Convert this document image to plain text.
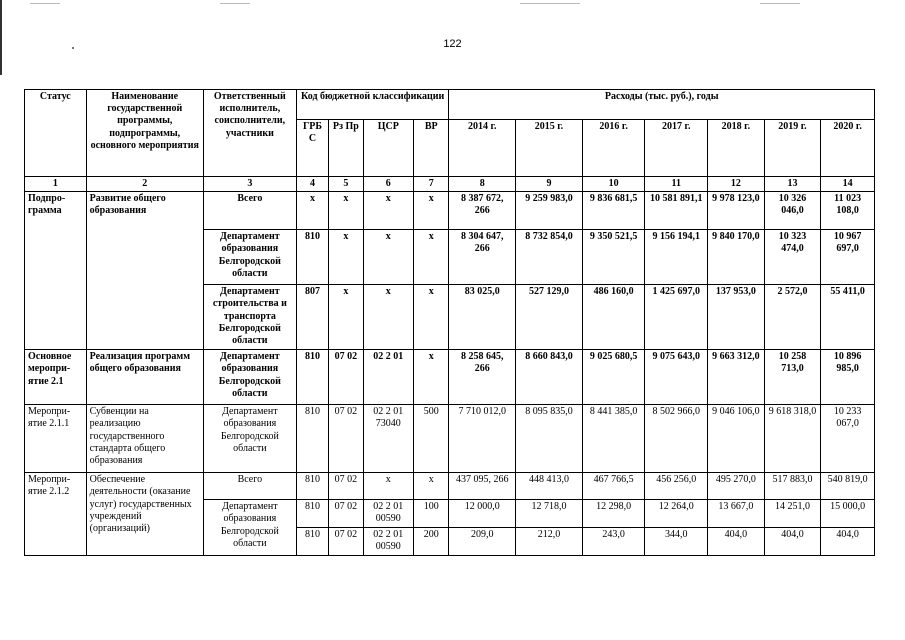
122
Статус	Наименование государственной программы, подпрограммы, основного мероприятия	Ответственный исполнитель, соисполнители, участники	Код бюджетной классификации				Расходы (тыс. руб.), годы						
			ГРБ С	Рз Пр	ЦСР	ВР	2014 г.	2015 г.	2016 г.	2017 г.	2018 г.	2019 г.	2020 г.
1	2	3	4	5	6	7	8	9	10	11	12	13	14
Подпро-грамма	Развитие общего образования	Всего	х	х	х	х	8 387 672, 266	9 259 983,0	9 836 681,5	10 581 891,1	9 978 123,0	10 326 046,0	11 023 108,0
		Департамент образования Белгородской области	810	х	х	х	8 304 647, 266	8 732 854,0	9 350 521,5	9 156 194,1	9 840 170,0	10 323 474,0	10 967 697,0
		Департамент строительства и транспорта Белгородской области	807	х	х	х	83 025,0	527 129,0	486 160,0	1 425 697,0	137 953,0	2 572,0	55 411,0
Основное меропри-ятие 2.1	Реализация программ общего образования	Департамент образования Белгородской области	810	07 02	02 2 01	х	8 258 645, 266	8 660 843,0	9 025 680,5	9 075 643,0	9 663 312,0	10 258 713,0	10 896 985,0
Меропри-ятие 2.1.1	Субвенции на реализацию государственного стандарта общего образования	Департамент образования Белгородской области	810	07 02	02 2 01 73040	500	7 710 012,0	8 095 835,0	8 441 385,0	8 502 966,0	9 046 106,0	9 618 318,0	10 233 067,0
Меропри-ятие 2.1.2	Обеспечение деятельности (оказание услуг) государственных учреждений (организаций)	Всего	810	07 02	х	х	437 095, 266	448 413,0	467 766,5	456 256,0	495 270,0	517 883,0	540 819,0
		Департамент образования Белгородской области	810	07 02	02 2 01 00590	100	12 000,0	12 718,0	12 298,0	12 264,0	13 667,0	14 251,0	15 000,0
			810	07 02	02 2 01 00590	200	209,0	212,0	243,0	344,0	404,0	404,0	404,0
